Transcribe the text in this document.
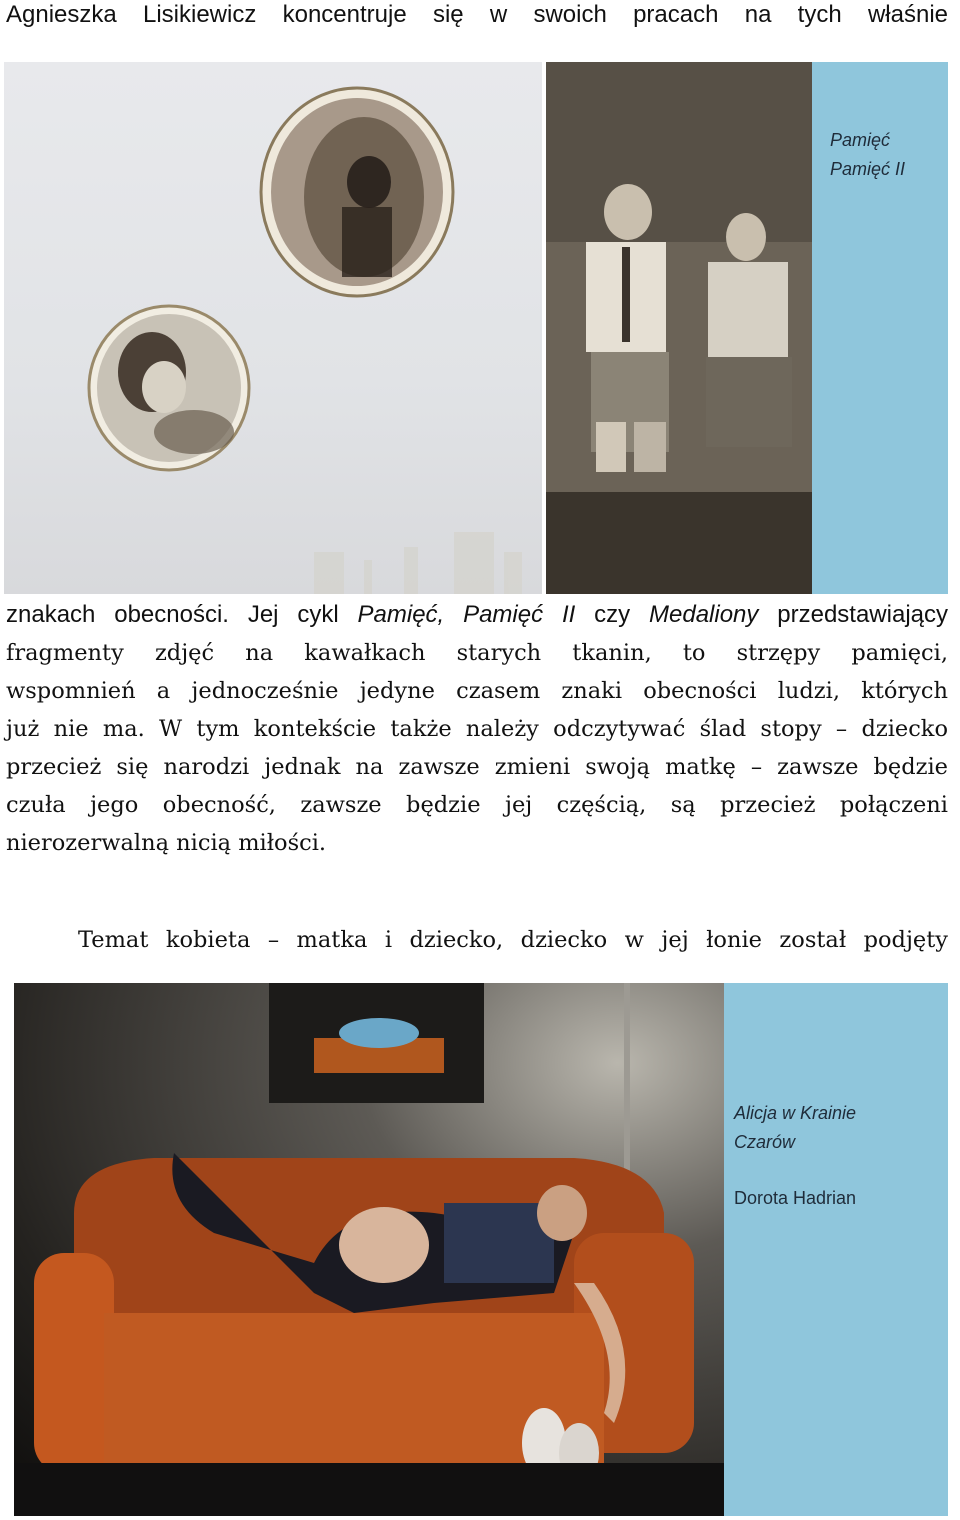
Agnieszka Lisikiewicz koncentruje się w swoich pracach na tych właśnie
Pamięć
Pamięć II
znakach obecności. Jej cykl Pamięć, Pamięć II czy Medaliony przedstawiający
fragmenty zdjęć na kawałkach starych tkanin, to strzępy pamięci,
wspomnień a jednocześnie jedyne czasem znaki obecności ludzi, których
już nie ma. W tym kontekście także należy odczytywać ślad stopy – dziecko
przecież się narodzi jednak na zawsze zmieni swoją matkę – zawsze będzie
czuła jego obecność, zawsze będzie jej częścią, są przecież połączeni
nierozerwalną nicią miłości.
Temat kobieta – matka i dziecko, dziecko w jej łonie został podjęty
Alicja w Krainie
Czarów
Dorota Hadrian
